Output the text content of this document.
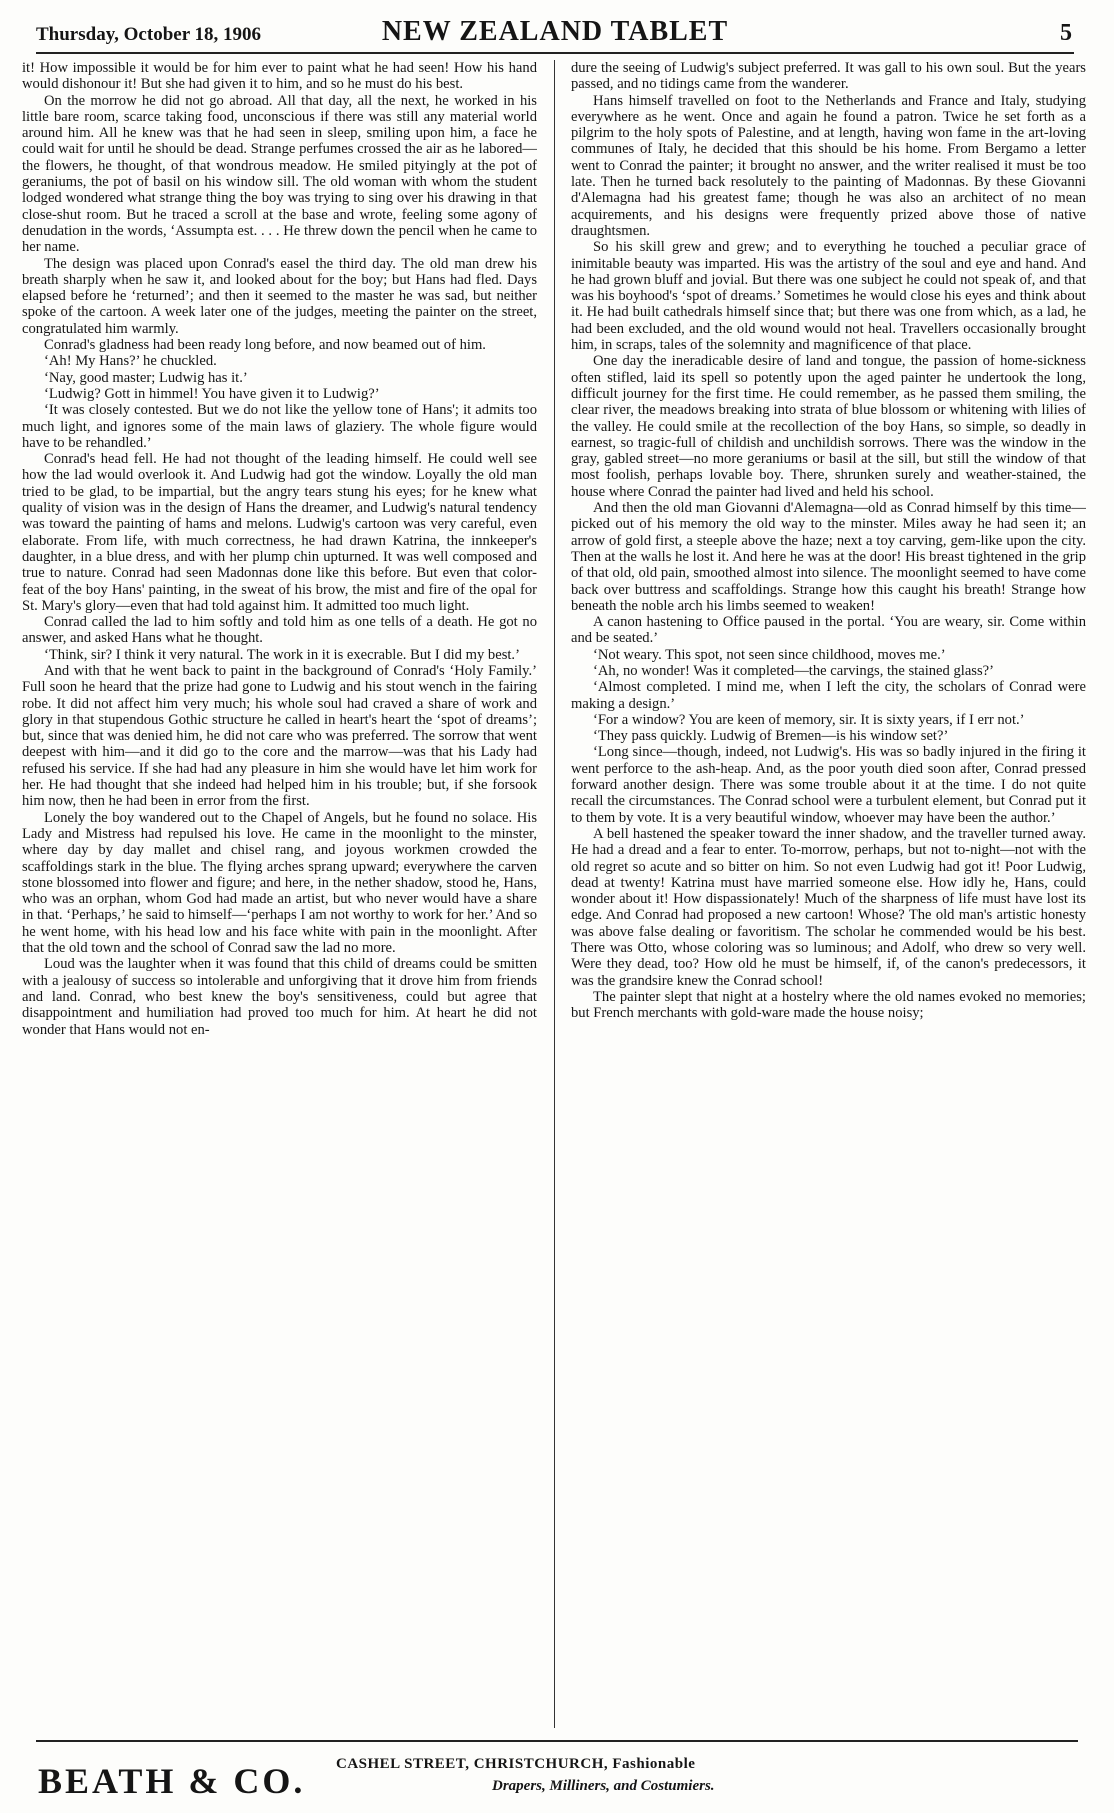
Thursday, October 18, 1906	NEW ZEALAND TABLET	5

it! How impossible it would be for him ever to paint what he had seen! How his hand would dishonour it! But she had given it to him, and so he must do his best.

On the morrow he did not go abroad. All that day, all the next, he worked in his little bare room, scarce taking food, unconscious if there was still any material world around him. All he knew was that he had seen in sleep, smiling upon him, a face he could wait for until he should be dead. Strange perfumes crossed the air as he labored—the flowers, he thought, of that wondrous meadow. He smiled pityingly at the pot of geraniums, the pot of basil on his window sill. The old woman with whom the student lodged wondered what strange thing the boy was trying to sing over his drawing in that close-shut room. But he traced a scroll at the base and wrote, feeling some agony of denudation in the words, ‘Assumpta est. . . . He threw down the pencil when he came to her name.

The design was placed upon Conrad's easel the third day. The old man drew his breath sharply when he saw it, and looked about for the boy; but Hans had fled. Days elapsed before he ‘returned’; and then it seemed to the master he was sad, but neither spoke of the cartoon. A week later one of the judges, meeting the painter on the street, congratulated him warmly.

Conrad's gladness had been ready long before, and now beamed out of him.

‘Ah! My Hans?’ he chuckled.

‘Nay, good master; Ludwig has it.’

‘Ludwig? Gott in himmel! You have given it to Ludwig?’

‘It was closely contested. But we do not like the yellow tone of Hans'; it admits too much light, and ignores some of the main laws of glaziery. The whole figure would have to be rehandled.’

Conrad's head fell. He had not thought of the leading himself. He could well see how the lad would overlook it. And Ludwig had got the window. Loyally the old man tried to be glad, to be impartial, but the angry tears stung his eyes; for he knew what quality of vision was in the design of Hans the dreamer, and Ludwig's natural tendency was toward the painting of hams and melons. Ludwig's cartoon was very careful, even elaborate. From life, with much correctness, he had drawn Katrina, the innkeeper's daughter, in a blue dress, and with her plump chin upturned. It was well composed and true to nature. Conrad had seen Madonnas done like this before. But even that color-feat of the boy Hans' painting, in the sweat of his brow, the mist and fire of the opal for St. Mary's glory—even that had told against him. It admitted too much light.

Conrad called the lad to him softly and told him as one tells of a death. He got no answer, and asked Hans what he thought.

‘Think, sir? I think it very natural. The work in it is execrable. But I did my best.’

And with that he went back to paint in the background of Conrad's ‘Holy Family.’ Full soon he heard that the prize had gone to Ludwig and his stout wench in the fairing robe. It did not affect him very much; his whole soul had craved a share of work and glory in that stupendous Gothic structure he called in heart's heart the ‘spot of dreams’; but, since that was denied him, he did not care who was preferred. The sorrow that went deepest with him—and it did go to the core and the marrow—was that his Lady had refused his service. If she had had any pleasure in him she would have let him work for her. He had thought that she indeed had helped him in his trouble; but, if she forsook him now, then he had been in error from the first.

Lonely the boy wandered out to the Chapel of Angels, but he found no solace. His Lady and Mistress had repulsed his love. He came in the moonlight to the minster, where day by day mallet and chisel rang, and joyous workmen crowded the scaffoldings stark in the blue. The flying arches sprang upward; everywhere the carven stone blossomed into flower and figure; and here, in the nether shadow, stood he, Hans, who was an orphan, whom God had made an artist, but who never would have a share in that. ‘Perhaps,’ he said to himself—‘perhaps I am not worthy to work for her.’ And so he went home, with his head low and his face white with pain in the moonlight. After that the old town and the school of Conrad saw the lad no more.

Loud was the laughter when it was found that this child of dreams could be smitten with a jealousy of success so intolerable and unforgiving that it drove him from friends and land. Conrad, who best knew the boy's sensitiveness, could but agree that disappointment and humiliation had proved too much for him. At heart he did not wonder that Hans would not en-

dure the seeing of Ludwig's subject preferred. It was gall to his own soul. But the years passed, and no tidings came from the wanderer.

Hans himself travelled on foot to the Netherlands and France and Italy, studying everywhere as he went. Once and again he found a patron. Twice he set forth as a pilgrim to the holy spots of Palestine, and at length, having won fame in the art-loving communes of Italy, he decided that this should be his home. From Bergamo a letter went to Conrad the painter; it brought no answer, and the writer realised it must be too late. Then he turned back resolutely to the painting of Madonnas. By these Giovanni d'Alemagna had his greatest fame; though he was also an architect of no mean acquirements, and his designs were frequently prized above those of native draughtsmen.

So his skill grew and grew; and to everything he touched a peculiar grace of inimitable beauty was imparted. His was the artistry of the soul and eye and hand. And he had grown bluff and jovial. But there was one subject he could not speak of, and that was his boyhood's ‘spot of dreams.’ Sometimes he would close his eyes and think about it. He had built cathedrals himself since that; but there was one from which, as a lad, he had been excluded, and the old wound would not heal. Travellers occasionally brought him, in scraps, tales of the solemnity and magnificence of that place.

One day the ineradicable desire of land and tongue, the passion of home-sickness often stifled, laid its spell so potently upon the aged painter he undertook the long, difficult journey for the first time. He could remember, as he passed them smiling, the clear river, the meadows breaking into strata of blue blossom or whitening with lilies of the valley. He could smile at the recollection of the boy Hans, so simple, so deadly in earnest, so tragic-full of childish and unchildish sorrows. There was the window in the gray, gabled street—no more geraniums or basil at the sill, but still the window of that most foolish, perhaps lovable boy. There, shrunken surely and weather-stained, the house where Conrad the painter had lived and held his school.

And then the old man Giovanni d'Alemagna—old as Conrad himself by this time—picked out of his memory the old way to the minster. Miles away he had seen it; an arrow of gold first, a steeple above the haze; next a toy carving, gem-like upon the city. Then at the walls he lost it. And here he was at the door! His breast tightened in the grip of that old, old pain, smoothed almost into silence. The moonlight seemed to have come back over buttress and scaffoldings. Strange how this caught his breath! Strange how beneath the noble arch his limbs seemed to weaken!

A canon hastening to Office paused in the portal. ‘You are weary, sir. Come within and be seated.’

‘Not weary. This spot, not seen since childhood, moves me.’

‘Ah, no wonder! Was it completed—the carvings, the stained glass?’

‘Almost completed. I mind me, when I left the city, the scholars of Conrad were making a design.’

‘For a window? You are keen of memory, sir. It is sixty years, if I err not.’

‘They pass quickly. Ludwig of Bremen—is his window set?’

‘Long since—though, indeed, not Ludwig's. His was so badly injured in the firing it went perforce to the ash-heap. And, as the poor youth died soon after, Conrad pressed forward another design. There was some trouble about it at the time. I do not quite recall the circumstances. The Conrad school were a turbulent element, but Conrad put it to them by vote. It is a very beautiful window, whoever may have been the author.’

A bell hastened the speaker toward the inner shadow, and the traveller turned away. He had a dread and a fear to enter. To-morrow, perhaps, but not to-night—not with the old regret so acute and so bitter on him. So not even Ludwig had got it! Poor Ludwig, dead at twenty! Katrina must have married someone else. How idly he, Hans, could wonder about it! How dispassionately! Much of the sharpness of life must have lost its edge. And Conrad had proposed a new cartoon! Whose? The old man's artistic honesty was above false dealing or favoritism. The scholar he commended would be his best. There was Otto, whose coloring was so luminous; and Adolf, who drew so very well. Were they dead, too? How old he must be himself, if, of the canon's predecessors, it was the grandsire knew the Conrad school!

The painter slept that night at a hostelry where the old names evoked no memories; but French merchants with gold-ware made the house noisy;

BEATH & CO. CASHEL STREET, CHRISTCHURCH, Fashionable
Drapers, Milliners, and Costumiers.
